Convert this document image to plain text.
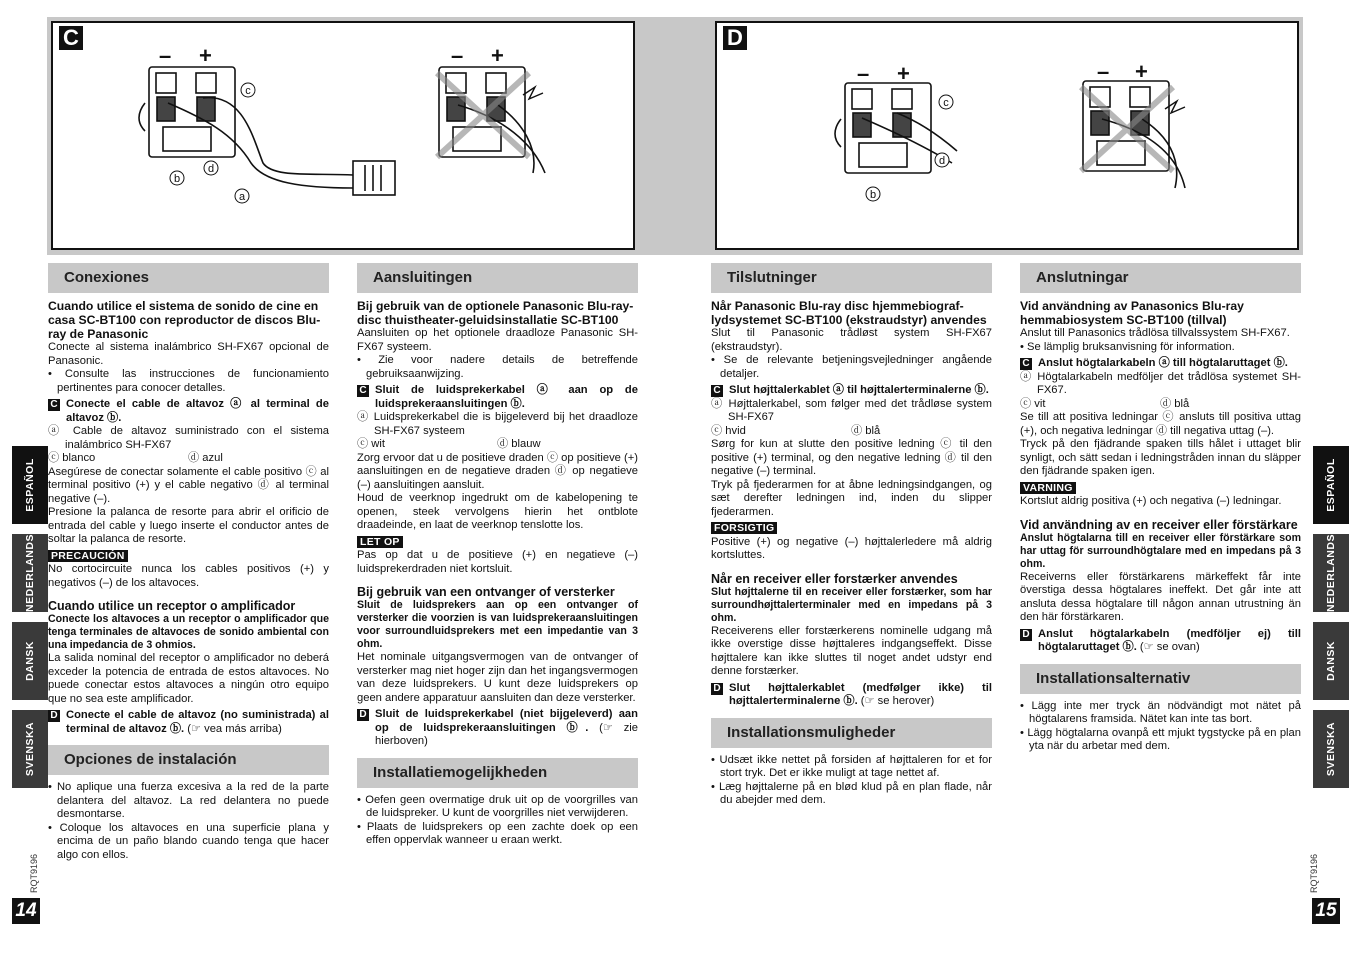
C
– +	– +
c
d
b
a
D
– +	– +
c
d
b
ESPAÑOL
NEDERLANDS
DANSK
SVENSKA
ESPAÑOL
NEDERLANDS
DANSK
SVENSKA
14	15
RQT9196	RQT9196
Conexiones

Cuando utilice el sistema de sonido de cine en casa SC-BT100 con reproductor de discos Blu-ray de Panasonic

Conecte al sistema inalámbrico SH-FX67 opcional de Panasonic.

• Consulte las instrucciones de funcionamiento pertinentes para conocer detalles.

C Conecte el cable de altavoz ⓐ al terminal de altavoz ⓑ.

ⓐ Cable de altavoz suministrado con el sistema inalámbrico SH-FX67

ⓒ blanco	ⓓ azul

Asegúrese de conectar solamente el cable positivo ⓒ al terminal positivo (+) y el cable negativo ⓓ al terminal negative (–).

Presione la palanca de resorte para abrir el orificio de entrada del cable y luego inserte el conductor antes de soltar la palanca de resorte.

PRECAUCIÓN

No cortocircuite nunca los cables positivos (+) y negativos (–) de los altavoces.

Cuando utilice un receptor o amplificador

Conecte los altavoces a un receptor o amplificador que tenga terminales de altavoces de sonido ambiental con una impedancia de 3 ohmios.

La salida nominal del receptor o amplificador no deberá exceder la potencia de entrada de estos altavoces. No puede conectar estos altavoces a ningún otro equipo que no sea este amplificador.

D Conecte el cable de altavoz (no suministrada) al terminal de altavoz ⓑ. (☞ vea más arriba)
Opciones de instalación

• No aplique una fuerza excesiva a la red de la parte delantera del altavoz. La red delantera no puede desmontarse.

• Coloque los altavoces en una superficie plana y encima de un paño blando cuando tenga que hacer algo con ellos.

Aansluitingen

Bij gebruik van de optionele Panasonic Blu-ray-disc thuistheater-geluidsinstallatie SC-BT100

Aansluiten op het optionele draadloze Panasonic SH-FX67 systeem.

• Zie voor nadere details de betreffende gebruiksaanwijzing.

C Sluit de luidsprekerkabel ⓐ aan op de luidsprekeraansluitingen ⓑ.

ⓐ Luidsprekerkabel die is bijgeleverd bij het draadloze SH-FX67 systeem

ⓒ wit	ⓓ blauw

Zorg ervoor dat u de positieve draden ⓒ op positieve (+) aansluitingen en de negatieve draden ⓓ op negatieve (–) aansluitingen aansluit.

Houd de veerknop ingedrukt om de kabelopening te openen, steek vervolgens hierin het ontblote draadeinde, en laat de veerknop tenslotte los.

LET OP

Pas op dat u de positieve (+) en negatieve (–) luidsprekerdraden niet kortsluit.

Bij gebruik van een ontvanger of versterker

Sluit de luidsprekers aan op een ontvanger of versterker die voorzien is van luidsprekeraansluitingen voor surroundluidsprekers met een impedantie van 3 ohm.

Het nominale uitgangsvermogen van de ontvanger of versterker mag niet hoger zijn dan het ingangsvermogen van deze luidsprekers. U kunt deze luidsprekers op geen andere apparatuur aansluiten dan deze versterker.

D Sluit de luidsprekerkabel (niet bijgeleverd) aan op de luidsprekeraansluitingen ⓑ. (☞ zie hierboven)
Installatiemogelijkheden

• Oefen geen overmatige druk uit op de voorgrilles van de luidspreker. U kunt de voorgrilles niet verwijderen.

• Plaats de luidsprekers op een zachte doek op een effen oppervlak wanneer u eraan werkt.

Tilslutninger

Når Panasonic Blu-ray disc hjemmebiograf-lydsystemet SC-BT100 (ekstraudstyr) anvendes

Slut til Panasonic trådløst system SH-FX67 (ekstraudstyr).

• Se de relevante betjeningsvejledninger angående detaljer.

C Slut højttalerkablet ⓐ til højttalerterminalerne ⓑ.

ⓐ Højttalerkabel, som følger med det trådløse system SH-FX67

ⓒ hvid	ⓓ blå

Sørg for kun at slutte den positive ledning ⓒ til den positive (+) terminal, og den negative ledning ⓓ til den negative (–) terminal.

Tryk på fjederarmen for at åbne ledningsindgangen, og sæt derefter ledningen ind, inden du slipper fjederarmen.

FORSIGTIG

Positive (+) og negative (–) højttalerledere må aldrig kortsluttes.

Når en receiver eller forstærker anvendes

Slut højttalerne til en receiver eller forstærker, som har surroundhøjttalerterminaler med en impedans på 3 ohm.

Receiverens eller forstærkerens nominelle udgang må ikke overstige disse højttaleres indgangseffekt. Disse højttalere kan ikke sluttes til noget andet udstyr end denne forstærker.

D Slut højttalerkablet (medfølger ikke) til højttalerterminalerne ⓑ. (☞ se herover)
Installationsmuligheder

• Udsæt ikke nettet på forsiden af højttaleren for et for stort tryk. Det er ikke muligt at tage nettet af.

• Læg højttalerne på en blød klud på en plan flade, når du abejder med dem.

Anslutningar

Vid användning av Panasonics Blu-ray hemmabiosystem SC-BT100 (tillval)

Anslut till Panasonics trådlösa tillvalssystem SH-FX67.

• Se lämplig bruksanvisning för information.

C Anslut högtalarkabeln ⓐ till högtalaruttaget ⓑ.

ⓐ Högtalarkabeln medföljer det trådlösa systemet SH-FX67.

ⓒ vit	ⓓ blå

Se till att positiva ledningar ⓒ ansluts till positiva uttag (+), och negativa ledningar ⓓ till negativa uttag (–).

Tryck på den fjädrande spaken tills hålet i uttaget blir synligt, och sätt sedan i ledningstråden innan du släpper den fjädrande spaken igen.

VARNING

Kortslut aldrig positiva (+) och negativa (–) ledningar.

Vid användning av en receiver eller förstärkare

Anslut högtalarna till en receiver eller förstärkare som har uttag för surroundhögtalare med en impedans på 3 ohm.

Receiverns eller förstärkarens märkeffekt får inte överstiga dessa högtalares ineffekt. Det går inte att ansluta dessa högtalare till någon annan utrustning än den här förstärkaren.

D Anslut högtalarkabeln (medföljer ej) till högtalaruttaget ⓑ. (☞ se ovan)
Installationsalternativ

• Lägg inte mer tryck än nödvändigt mot nätet på högtalarens framsida. Nätet kan inte tas bort.

• Lägg högtalarna ovanpå ett mjukt tygstycke på en plan yta när du arbetar med dem.
